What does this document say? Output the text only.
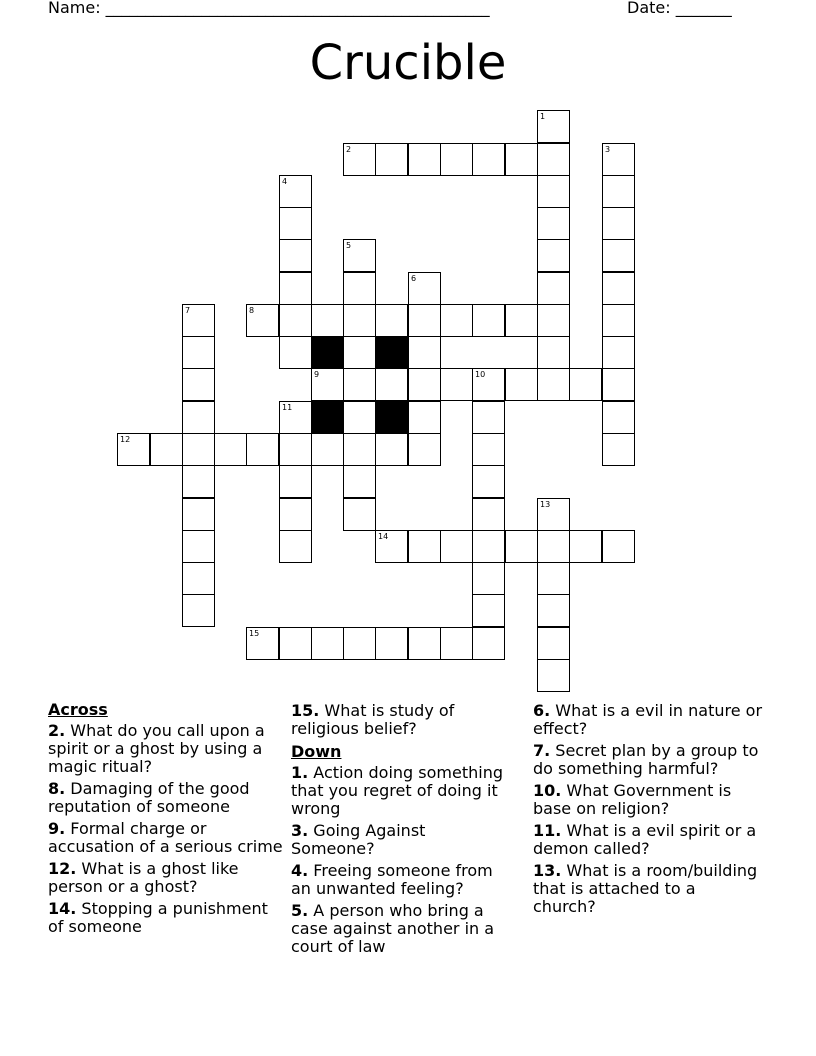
Name: ________________________________________________	Date: _______
Crucible
1
2	3
4
11
5
6
7	8
9	10
12
13
14
15
Across
2. What do you call upon a spirit or a ghost by using a magic ritual?
8. Damaging of the good reputation of someone
9. Formal charge or accusation of a serious crime
12. What is a ghost like person or a ghost?
14. Stopping a punishment of someone
15. What is study of religious belief?
Down
1. Action doing something that you regret of doing it wrong
3. Going Against Someone?
4. Freeing someone from an unwanted feeling?
5. A person who bring a case against another in a court of law
6. What is a evil in nature or effect?
7. Secret plan by a group to do something harmful?
10. What Government is base on religion?
11. What is a evil spirit or a demon called?
13. What is a room/building that is attached to a church?
